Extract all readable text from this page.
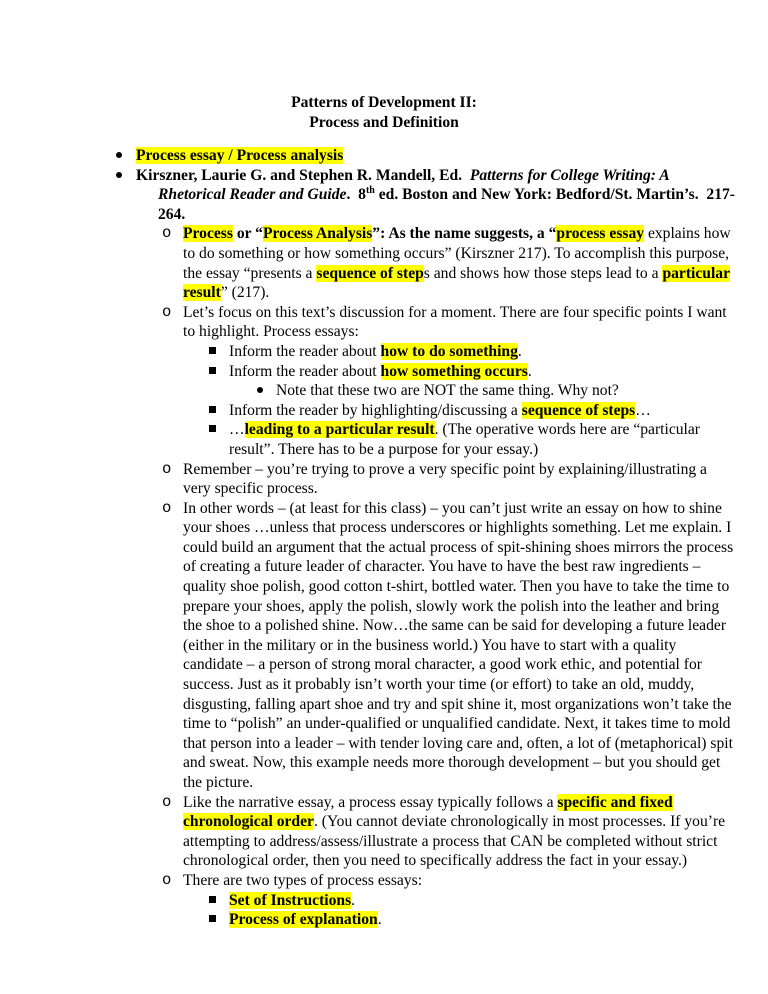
Patterns of Development II:
Process and Definition
Process essay / Process analysis
Kirszner, Laurie G. and Stephen R. Mandell, Ed. Patterns for College Writing: A Rhetorical Reader and Guide.  8th ed. Boston and New York: Bedford/St. Martin’s.  217-264.
o Process or “Process Analysis”: As the name suggests, a “process essay explains how to do something or how something occurs” (Kirszner 217). To accomplish this purpose, the essay “presents a sequence of steps and shows how those steps lead to a particular result” (217).
o Let’s focus on this text’s discussion for a moment. There are four specific points I want to highlight. Process essays:
Inform the reader about how to do something.
Inform the reader about how something occurs.
Note that these two are NOT the same thing. Why not?
Inform the reader by highlighting/discussing a sequence of steps…
…leading to a particular result. (The operative words here are “particular result”. There has to be a purpose for your essay.)
o Remember – you’re trying to prove a very specific point by explaining/illustrating a very specific process.
o In other words – (at least for this class) – you can’t just write an essay on how to shine your shoes …unless that process underscores or highlights something. Let me explain. I could build an argument that the actual process of spit-shining shoes mirrors the process of creating a future leader of character. You have to have the best raw ingredients – quality shoe polish, good cotton t-shirt, bottled water. Then you have to take the time to prepare your shoes, apply the polish, slowly work the polish into the leather and bring the shoe to a polished shine. Now…the same can be said for developing a future leader (either in the military or in the business world.) You have to start with a quality candidate – a person of strong moral character, a good work ethic, and potential for success. Just as it probably isn’t worth your time (or effort) to take an old, muddy, disgusting, falling apart shoe and try and spit shine it, most organizations won’t take the time to “polish” an under-qualified or unqualified candidate. Next, it takes time to mold that person into a leader – with tender loving care and, often, a lot of (metaphorical) spit and sweat. Now, this example needs more thorough development – but you should get the picture.
o Like the narrative essay, a process essay typically follows a specific and fixed chronological order. (You cannot deviate chronologically in most processes. If you’re attempting to address/assess/illustrate a process that CAN be completed without strict chronological order, then you need to specifically address the fact in your essay.)
o There are two types of process essays:
Set of Instructions.
Process of explanation.
